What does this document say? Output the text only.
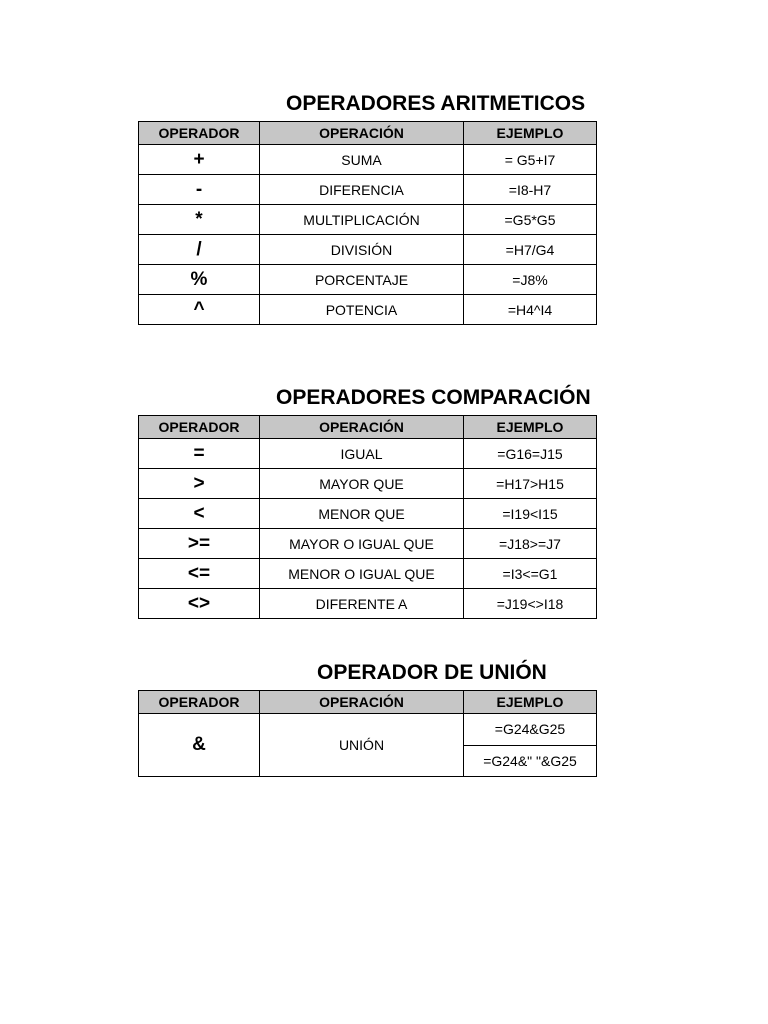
OPERADORES ARITMETICOS
OPERADOR	OPERACIÓN	EJEMPLO
+	SUMA	= G5+I7
-	DIFERENCIA	=I8-H7
*	MULTIPLICACIÓN	=G5*G5
/	DIVISIÓN	=H7/G4
%	PORCENTAJE	=J8%
^	POTENCIA	=H4^I4
OPERADORES COMPARACIÓN
OPERADOR	OPERACIÓN	EJEMPLO
=	IGUAL	=G16=J15
>	MAYOR QUE	=H17>H15
<	MENOR QUE	=I19<I15
>=	MAYOR O IGUAL QUE	=J18>=J7
<=	MENOR O IGUAL QUE	=I3<=G1
<>	DIFERENTE A	=J19<>I18
OPERADOR DE UNIÓN
OPERADOR	OPERACIÓN	EJEMPLO
&	UNIÓN	=G24&G25
		=G24&" "&G25
